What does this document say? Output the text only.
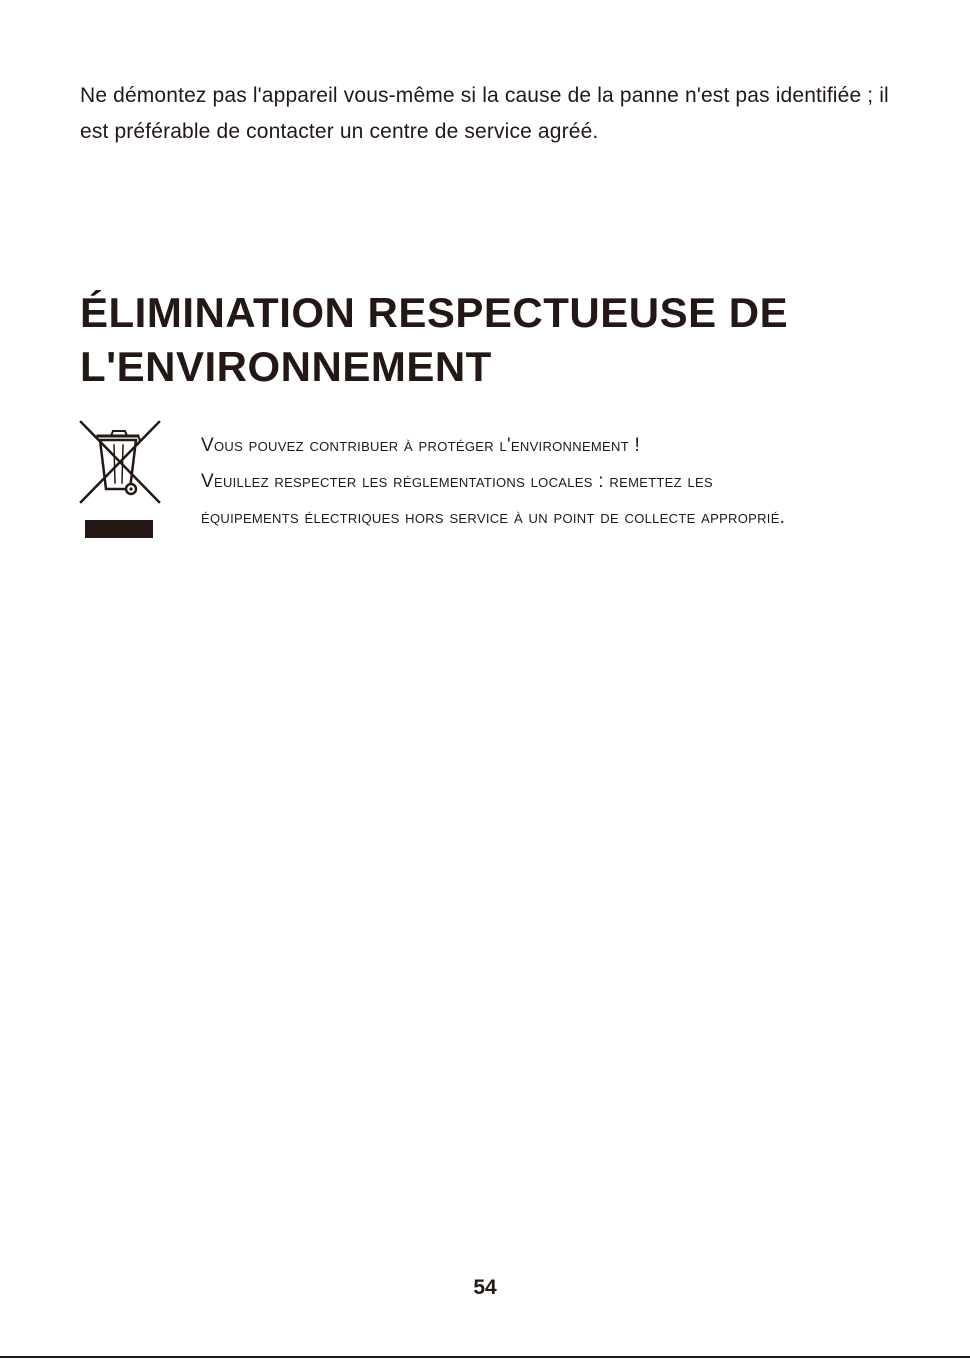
Ne démontez pas l'appareil vous-même si la cause de la panne n'est pas identifiée ; il est préférable de contacter un centre de service agréé.

ÉLIMINATION RESPECTUEUSE DE L'ENVIRONNEMENT

Vous pouvez contribuer à protéger l'environnement !
Veuillez respecter les réglementations locales : remettez les
équipements électriques hors service à un point de collecte approprié.

54
